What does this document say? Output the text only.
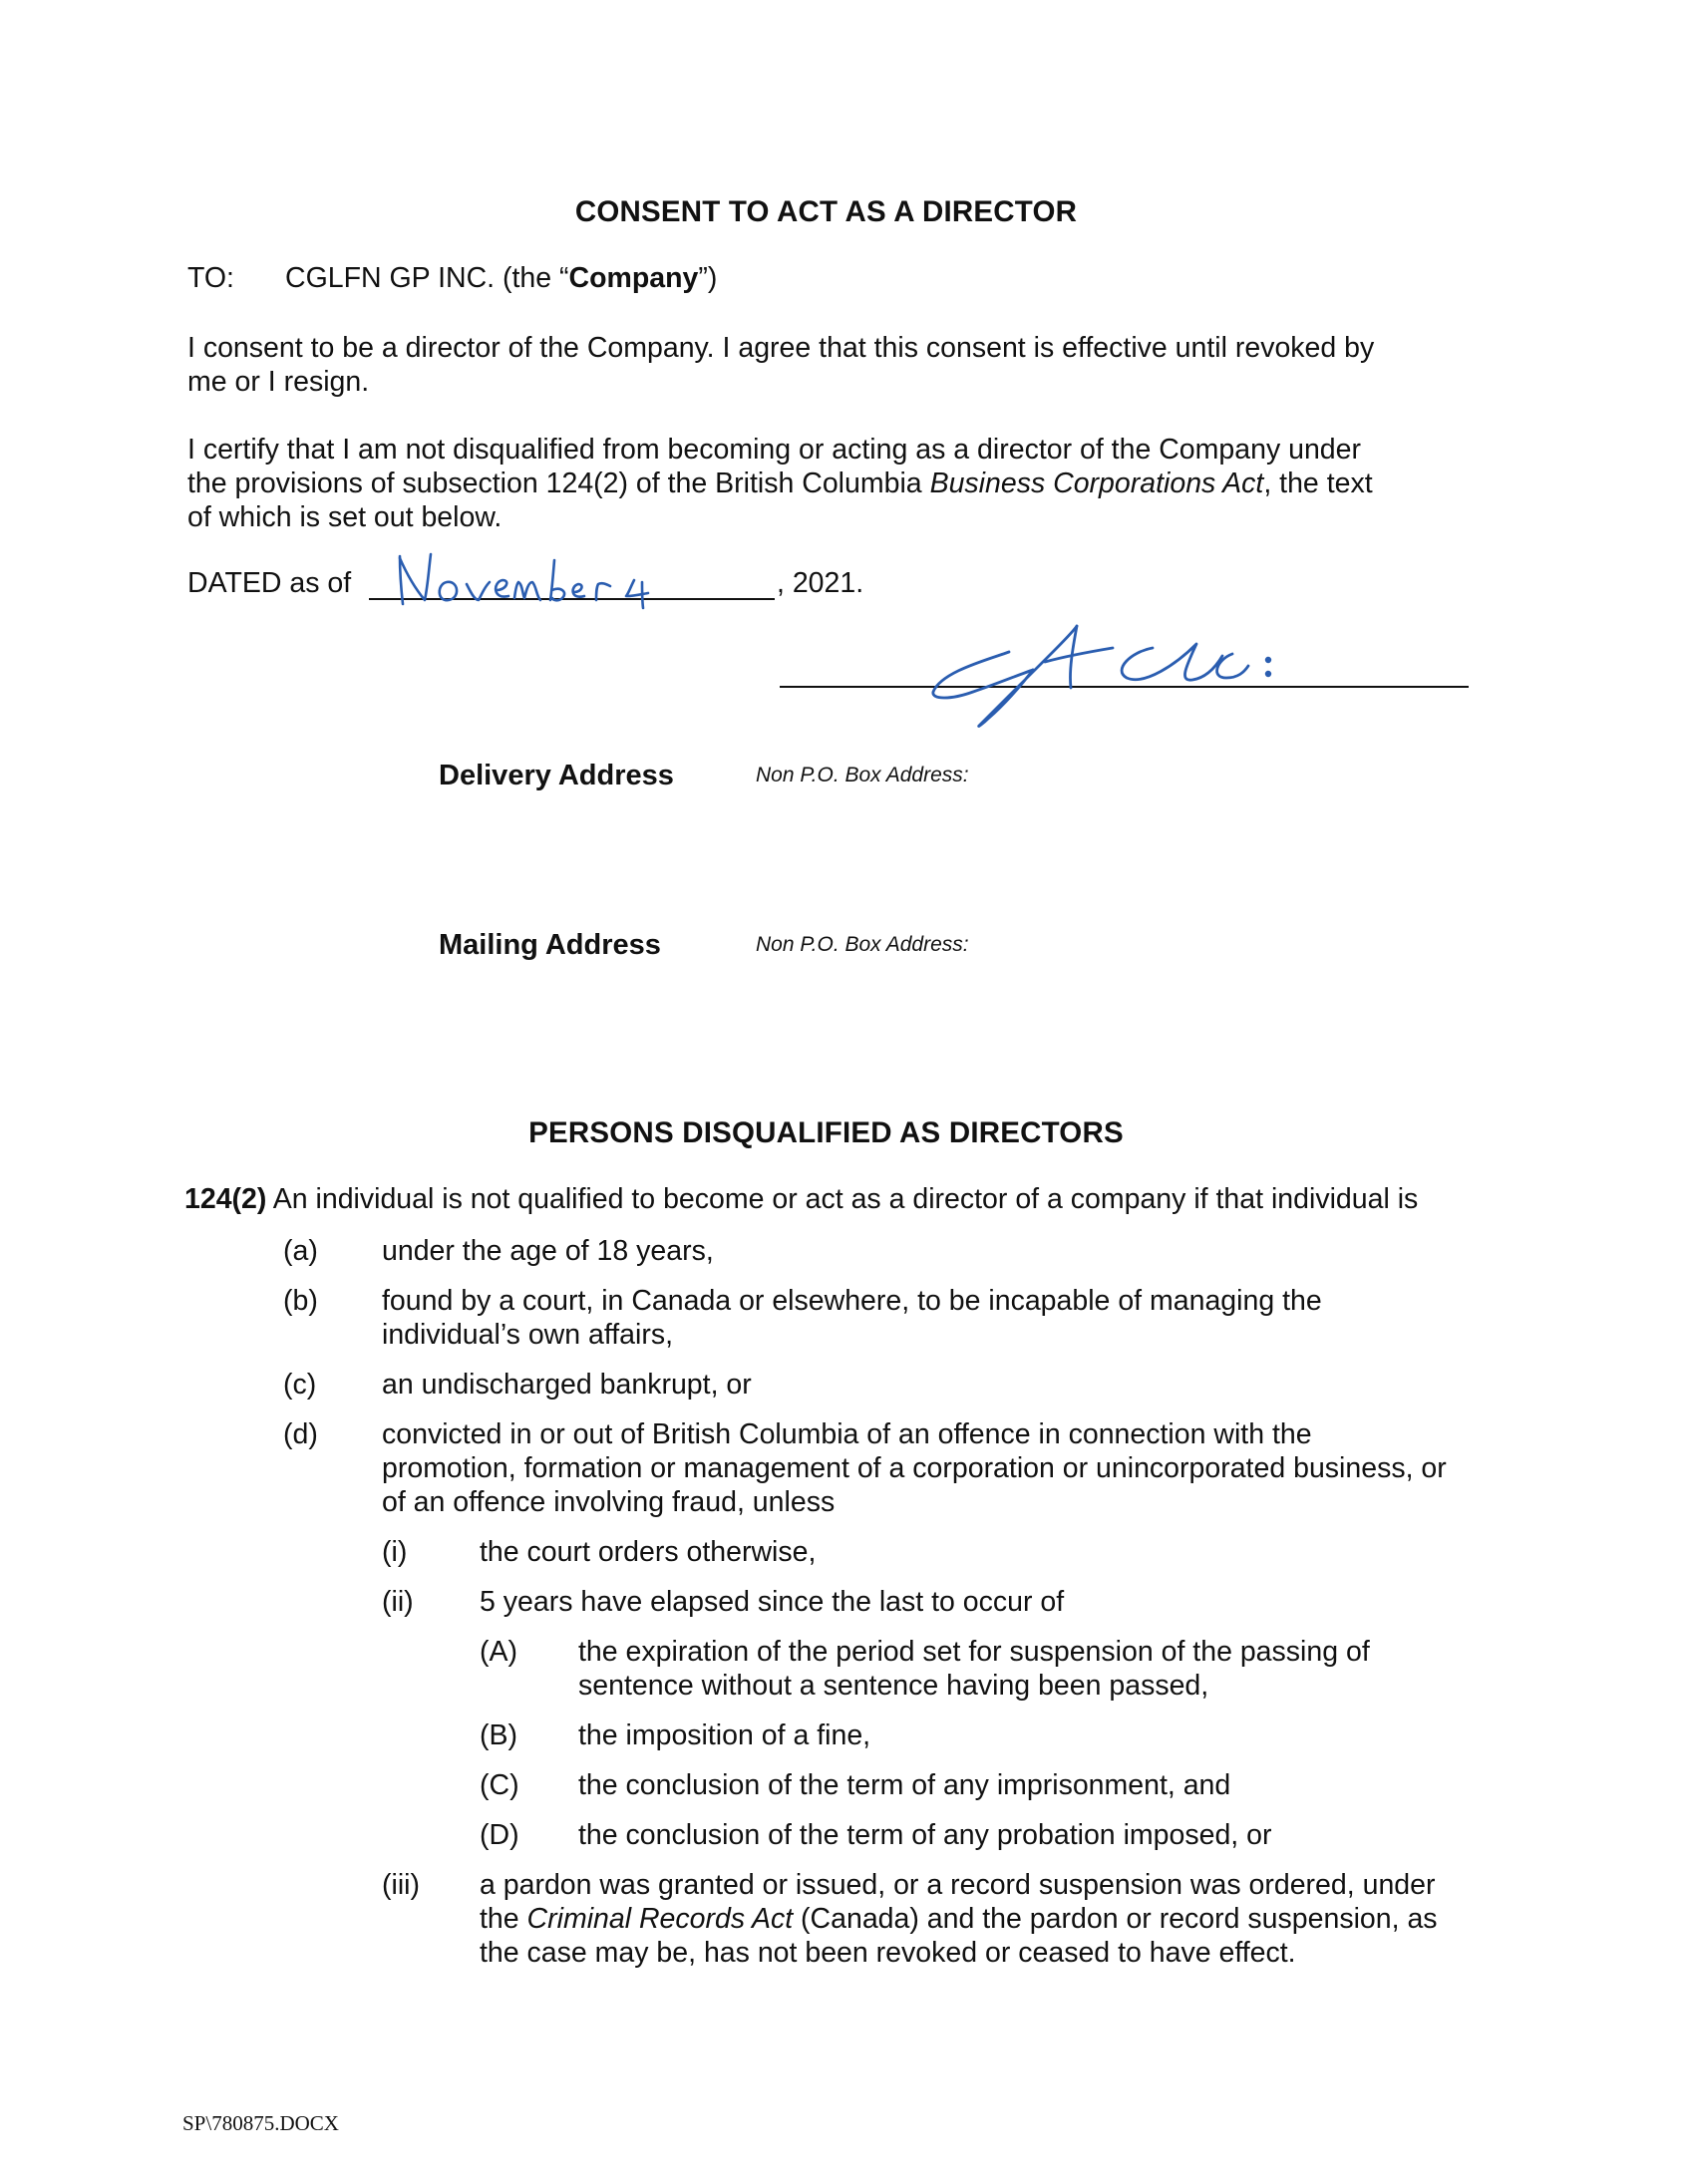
CONSENT TO ACT AS A DIRECTOR
TO: CGLFN GP INC. (the “Company”)
I consent to be a director of the Company. I agree that this consent is effective until revoked by
me or I resign.
I certify that I am not disqualified from becoming or acting as a director of the Company under
the provisions of subsection 124(2) of the British Columbia Business Corporations Act, the text
of which is set out below.
DATED as of	, 2021.
Delivery Address	Non P.O. Box Address:
Mailing Address	Non P.O. Box Address:
PERSONS DISQUALIFIED AS DIRECTORS
124(2) An individual is not qualified to become or act as a director of a company if that individual is
(a) under the age of 18 years,
(b) found by a court, in Canada or elsewhere, to be incapable of managing the
individual’s own affairs,
(c) an undischarged bankrupt, or
(d) convicted in or out of British Columbia of an offence in connection with the
promotion, formation or management of a corporation or unincorporated business, or
of an offence involving fraud, unless
(i)	the court orders otherwise,
(ii) 5 years have elapsed since the last to occur of
(A) the expiration of the period set for suspension of the passing of
sentence without a sentence having been passed,
(B) the imposition of a fine,
(C) the conclusion of the term of any imprisonment, and
(D) the conclusion of the term of any probation imposed, or
(iii) a pardon was granted or issued, or a record suspension was ordered, under
the Criminal Records Act (Canada) and the pardon or record suspension, as
the case may be, has not been revoked or ceased to have effect.
SP\780875.DOCX
